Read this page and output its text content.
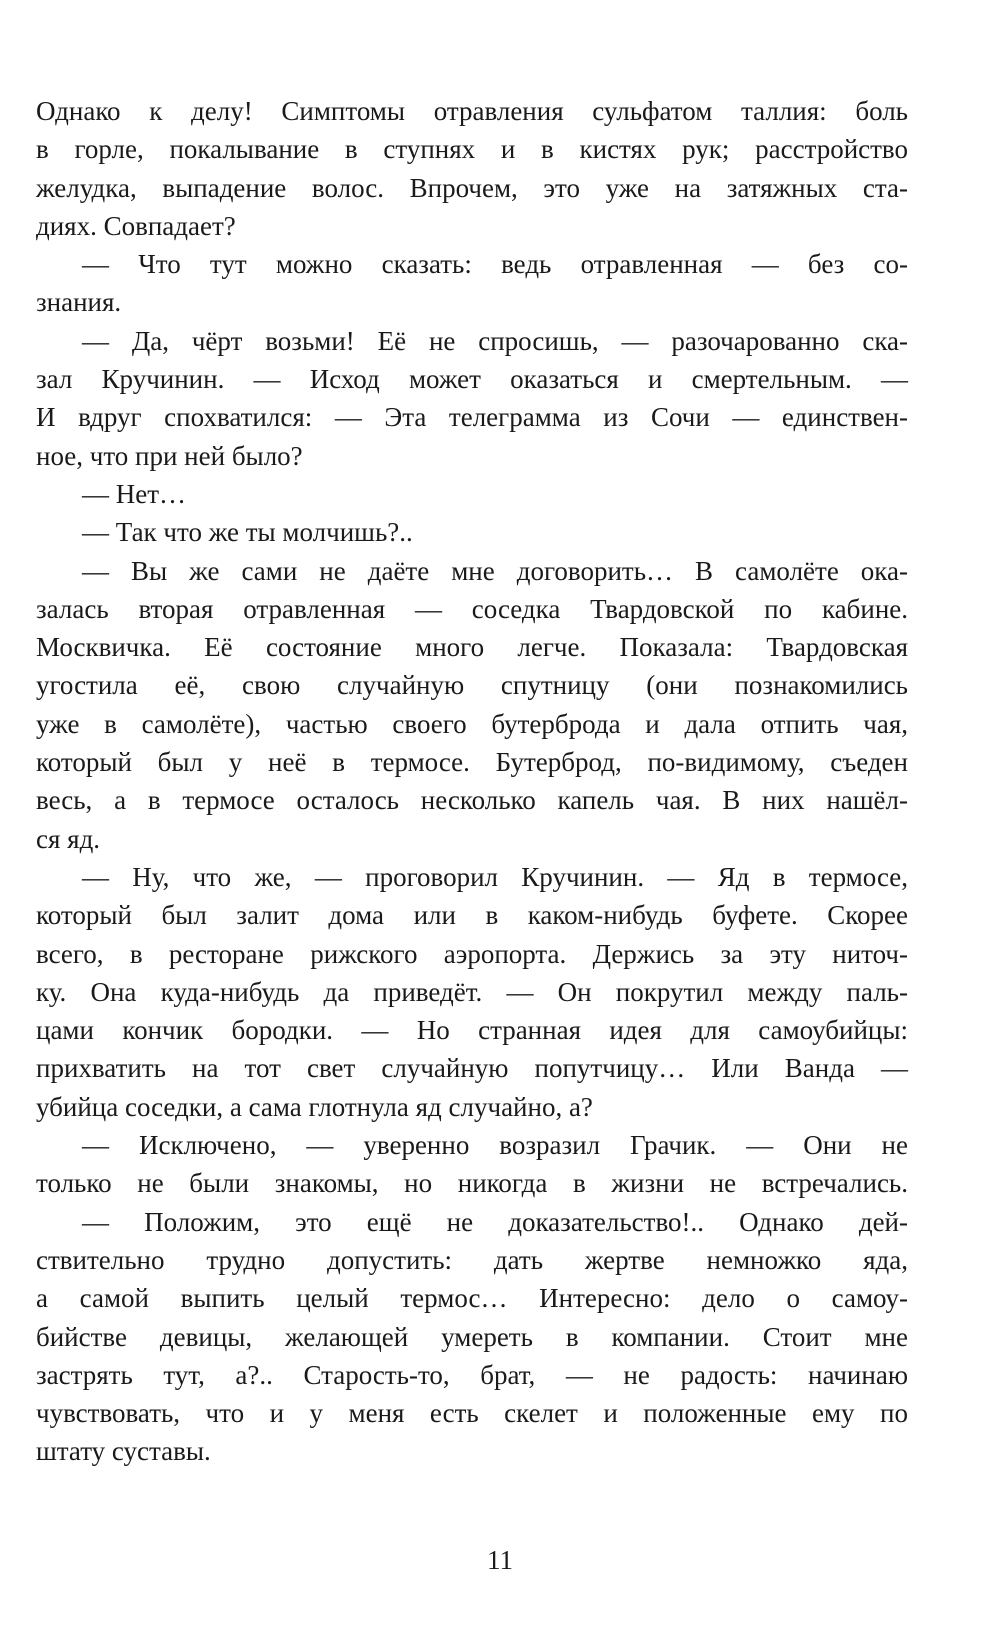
Однако к делу! Симптомы отравления сульфатом таллия: боль
в горле, покалывание в ступнях и в кистях рук; расстройство
желудка, выпадение волос. Впрочем, это уже на затяжных ста-
диях. Совпадает?
— Что тут можно сказать: ведь отравленная — без со-
знания.
— Да, чёрт возьми! Её не спросишь, — разочарованно ска-
зал Кручинин. — Исход может оказаться и смертельным. —
И вдруг спохватился: — Эта телеграмма из Сочи — единствен-
ное, что при ней было?
— Нет…
— Так что же ты молчишь?..
— Вы же сами не даёте мне договорить… В самолёте ока-
залась вторая отравленная — соседка Твардовской по кабине.
Москвичка. Её состояние много легче. Показала: Твардовская
угостила её, свою случайную спутницу (они познакомились
уже в самолёте), частью своего бутерброда и дала отпить чая,
который был у неё в термосе. Бутерброд, по-видимому, съеден
весь, а в термосе осталось несколько капель чая. В них нашёл-
ся яд.
— Ну, что же, — проговорил Кручинин. — Яд в термосе,
который был залит дома или в каком-нибудь буфете. Скорее
всего, в ресторане рижского аэропорта. Держись за эту ниточ-
ку. Она куда-нибудь да приведёт. — Он покрутил между паль-
цами кончик бородки. — Но странная идея для самоубийцы:
прихватить на тот свет случайную попутчицу… Или Ванда —
убийца соседки, а сама глотнула яд случайно, а?
— Исключено, — уверенно возразил Грачик. — Они не
только не были знакомы, но никогда в жизни не встречались.
— Положим, это ещё не доказательство!.. Однако дей-
ствительно трудно допустить: дать жертве немножко яда,
а самой выпить целый термос… Интересно: дело о самоу-
бийстве девицы, желающей умереть в компании. Стоит мне
застрять тут, а?.. Старость-то, брат, — не радость: начинаю
чувствовать, что и у меня есть скелет и положенные ему по
штату суставы.
11
